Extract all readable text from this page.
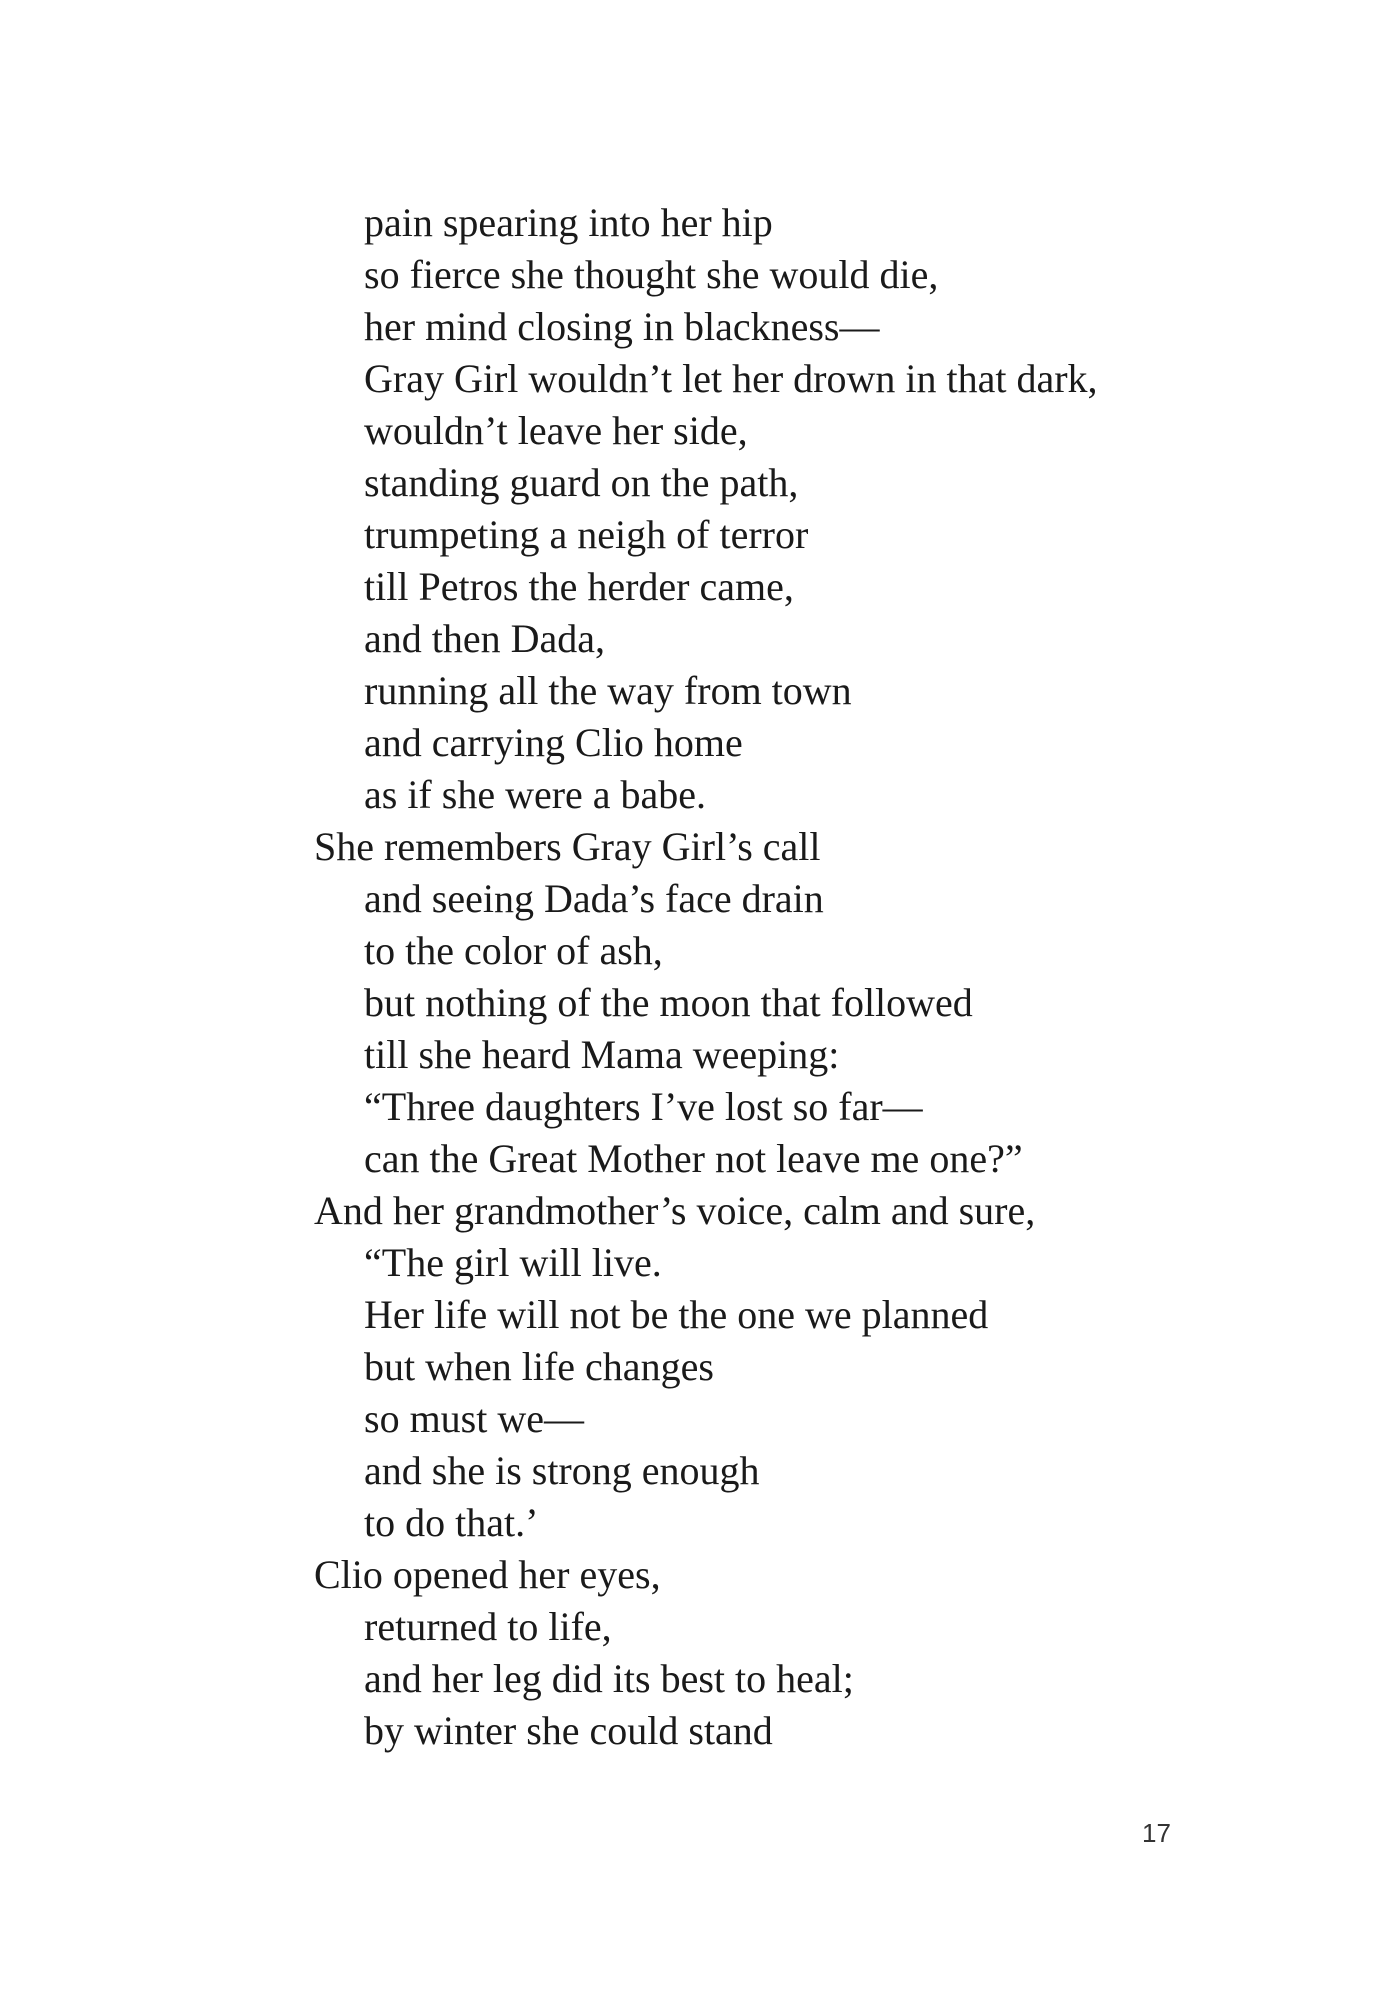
pain spearing into her hip
so fierce she thought she would die,
her mind closing in blackness—
Gray Girl wouldn’t let her drown in that dark,
wouldn’t leave her side,
standing guard on the path,
trumpeting a neigh of terror
till Petros the herder came,
and then Dada,
running all the way from town
and carrying Clio home
as if she were a babe.
She remembers Gray Girl’s call
and seeing Dada’s face drain
to the color of ash,
but nothing of the moon that followed
till she heard Mama weeping:
“Three daughters I’ve lost so far—
can the Great Mother not leave me one?”
And her grandmother’s voice, calm and sure,
“The girl will live.
Her life will not be the one we planned
but when life changes
so must we—
and she is strong enough
to do that.’
Clio opened her eyes,
returned to life,
and her leg did its best to heal;
by winter she could stand
17
